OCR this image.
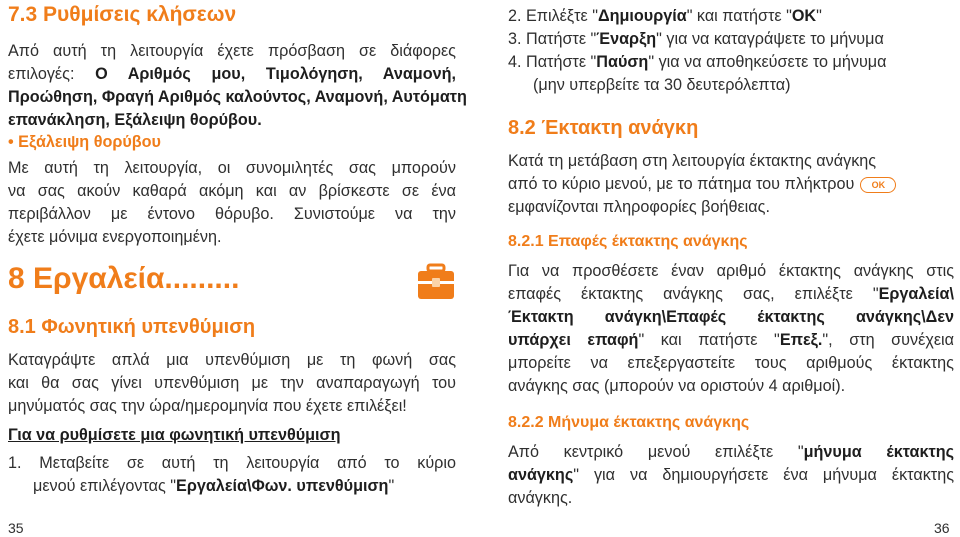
7.3 Ρυθμίσεις κλήσεων
Από αυτή τη λειτουργία έχετε πρόσβαση σε διάφορες
επιλογές: Ο Αριθμός μου, Τιμολόγηση, Αναμονή,
Προώθηση, Φραγή Αριθμός καλούντος, Αναμονή, Αυτόματη
επανάκληση, Εξάλειψη θορύβου.
• Εξάλειψη θορύβου
Με αυτή τη λειτουργία, οι συνομιλητές σας μπορούν
να σας ακούν καθαρά ακόμη και αν βρίσκεστε σε ένα
περιβάλλον με έντονο θόρυβο. Συνιστούμε να την
έχετε μόνιμα ενεργοποιημένη.
8 Εργαλεία.........
8.1 Φωνητική υπενθύμιση
Καταγράψτε απλά μια υπενθύμιση με τη φωνή σας
και θα σας γίνει υπενθύμιση με την αναπαραγωγή του
μηνύματός σας την ώρα/ημερομηνία που έχετε επιλέξει!
Για να ρυθμίσετε μια φωνητική υπενθύμιση
1. Μεταβείτε σε αυτή τη λειτουργία από το κύριο
μενού επιλέγοντας "Εργαλεία\Φων. υπενθύμιση"
35
2. Επιλέξτε "Δημιουργία" και πατήστε "OK"
3. Πατήστε "Έναρξη" για να καταγράψετε το μήνυμα
4. Πατήστε "Παύση" για να αποθηκεύσετε το μήνυμα
(μην υπερβείτε τα 30 δευτερόλεπτα)
8.2 Έκτακτη ανάγκη
Κατά τη μετάβαση στη λειτουργία έκτακτης ανάγκης
από το κύριο μενού, με το πάτημα του πλήκτρου OK
εμφανίζονται πληροφορίες βοήθειας.
8.2.1 Επαφές έκτακτης ανάγκης
Για να προσθέσετε έναν αριθμό έκτακτης ανάγκης στις
επαφές έκτακτης ανάγκης σας, επιλέξτε "Εργαλεία\
Έκτακτη ανάγκη\Επαφές έκτακτης ανάγκης\Δεν
υπάρχει επαφή" και πατήστε "Επεξ.", στη συνέχεια
μπορείτε να επεξεργαστείτε τους αριθμούς έκτακτης
ανάγκης σας (μπορούν να οριστούν 4 αριθμοί).
8.2.2 Μήνυμα έκτακτης ανάγκης
Από κεντρικό μενού επιλέξτε "μήνυμα έκτακτης
ανάγκης" για να δημιουργήσετε ένα μήνυμα έκτακτης
ανάγκης.
36
